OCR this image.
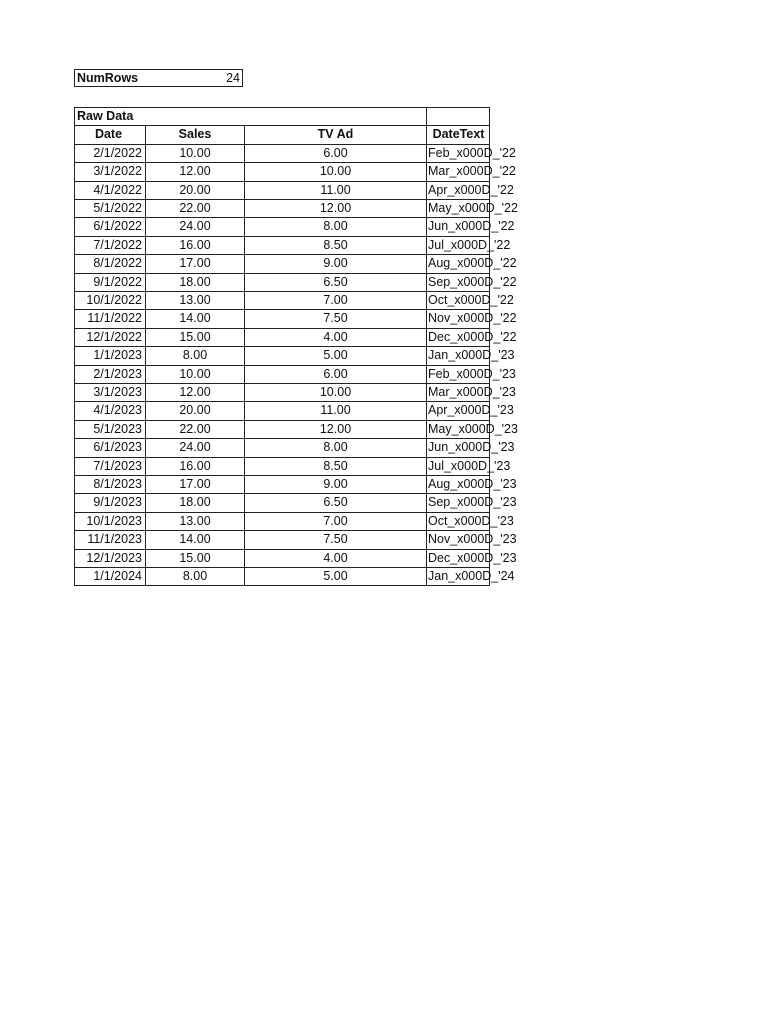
NumRows	24
Raw Data
Date	Sales	TV Ad	DateText
2/1/2022	10.00	6.00	Feb_x000D_'22
3/1/2022	12.00	10.00	Mar_x000D_'22
4/1/2022	20.00	11.00	Apr_x000D_'22
5/1/2022	22.00	12.00	May_x000D_'22
6/1/2022	24.00	8.00	Jun_x000D_'22
7/1/2022	16.00	8.50	Jul_x000D_'22
8/1/2022	17.00	9.00	Aug_x000D_'22
9/1/2022	18.00	6.50	Sep_x000D_'22
10/1/2022	13.00	7.00	Oct_x000D_'22
11/1/2022	14.00	7.50	Nov_x000D_'22
12/1/2022	15.00	4.00	Dec_x000D_'22
1/1/2023	8.00	5.00	Jan_x000D_'23
2/1/2023	10.00	6.00	Feb_x000D_'23
3/1/2023	12.00	10.00	Mar_x000D_'23
4/1/2023	20.00	11.00	Apr_x000D_'23
5/1/2023	22.00	12.00	May_x000D_'23
6/1/2023	24.00	8.00	Jun_x000D_'23
7/1/2023	16.00	8.50	Jul_x000D_'23
8/1/2023	17.00	9.00	Aug_x000D_'23
9/1/2023	18.00	6.50	Sep_x000D_'23
10/1/2023	13.00	7.00	Oct_x000D_'23
11/1/2023	14.00	7.50	Nov_x000D_'23
12/1/2023	15.00	4.00	Dec_x000D_'23
1/1/2024	8.00	5.00	Jan_x000D_'24
